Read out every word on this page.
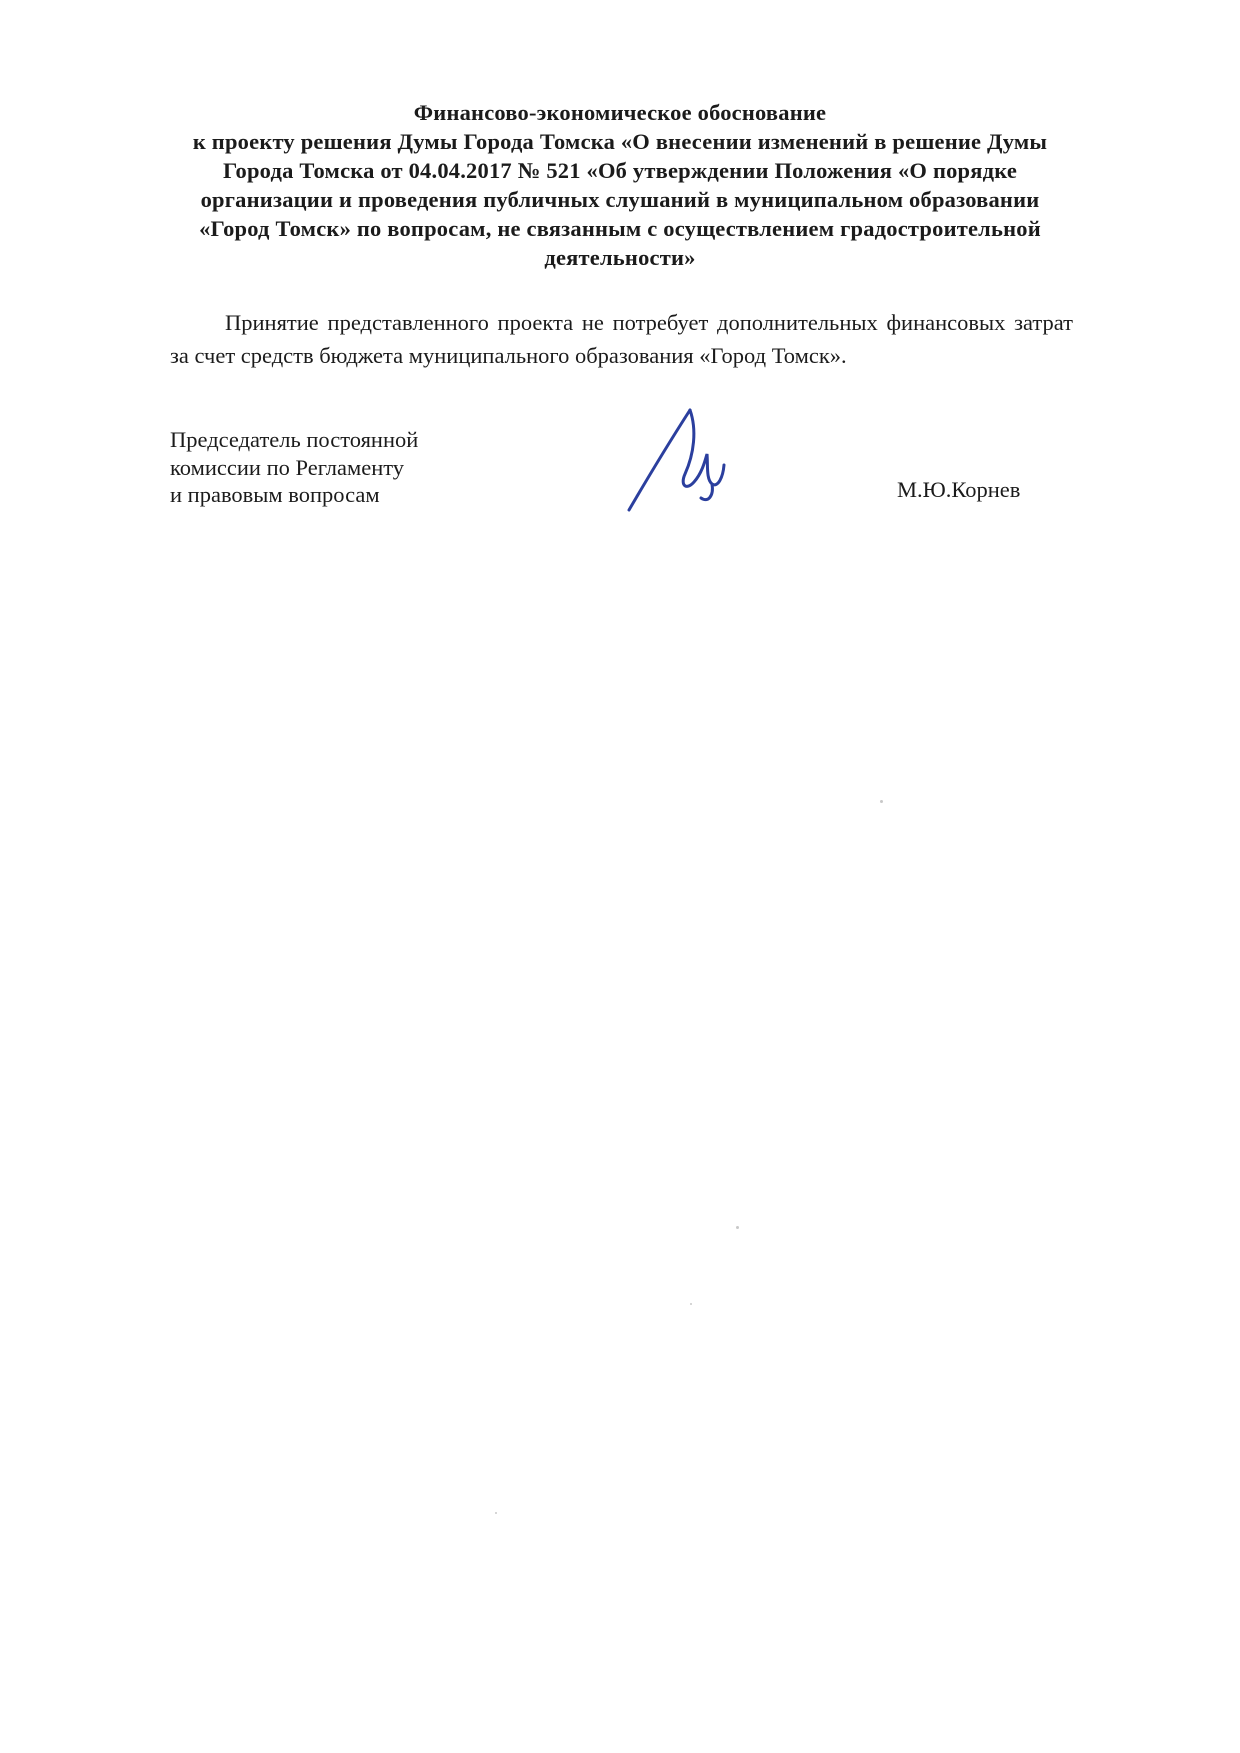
Финансово-экономическое обоснование
к проекту решения Думы Города Томска «О внесении изменений в решение Думы
Города Томска от 04.04.2017 № 521 «Об утверждении Положения «О порядке
организации и проведения публичных слушаний в муниципальном образовании
«Город Томск» по вопросам, не связанным с осуществлением градостроительной
деятельности»

Принятие представленного проекта не потребует дополнительных финансовых затрат за счет средств бюджета муниципального образования «Город Томск».

Председатель постоянной
комиссии по Регламенту
и правовым вопросам	М.Ю.Корнев
